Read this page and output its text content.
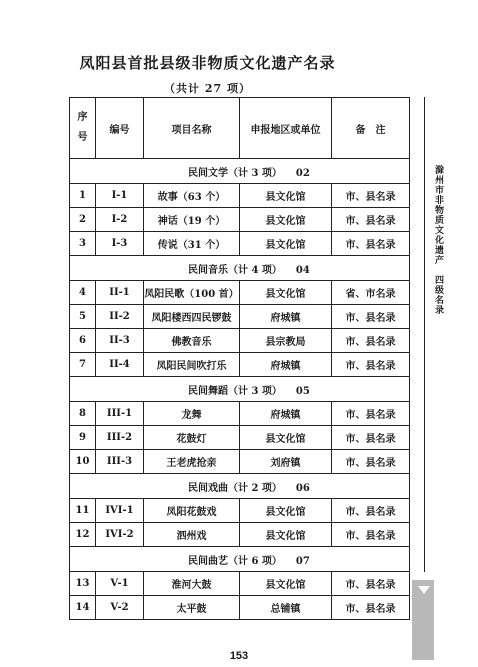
凤阳县首批县级非物质文化遗产名录
（共计 27 项）
序
号	编号	项目名称	申报地区或单位	备　注
民间文学（计 3 项） 02				
1	I-1	故事（63 个）	县文化馆	市、县名录
2	I-2	神话（19 个）	县文化馆	市、县名录
3	I-3	传说（31 个）	县文化馆	市、县名录
民间音乐（计 4 项） 04				
4	II-1	凤阳民歌（100 首）	县文化馆	省、市名录
5	II-2	凤阳楼西四民锣鼓	府城镇	市、县名录
6	II-3	佛教音乐	县宗教局	市、县名录
7	II-4	凤阳民间吹打乐	府城镇	市、县名录
民间舞蹈（计 3 项） 05				
8	III-1	龙舞	府城镇	市、县名录
9	III-2	花鼓灯	县文化馆	市、县名录
10	III-3	王老虎抢亲	刘府镇	市、县名录
民间戏曲（计 2 项） 06				
11	IVI-1	凤阳花鼓戏	县文化馆	市、县名录
12	IVI-2	泗州戏	县文化馆	市、县名录
民间曲艺（计 6 项） 07				
13	V-1	淮河大鼓	县文化馆	市、县名录
14	V-2	太平鼓	总铺镇	市、县名录
滁州市非物质文化遗产　四级名录
153
